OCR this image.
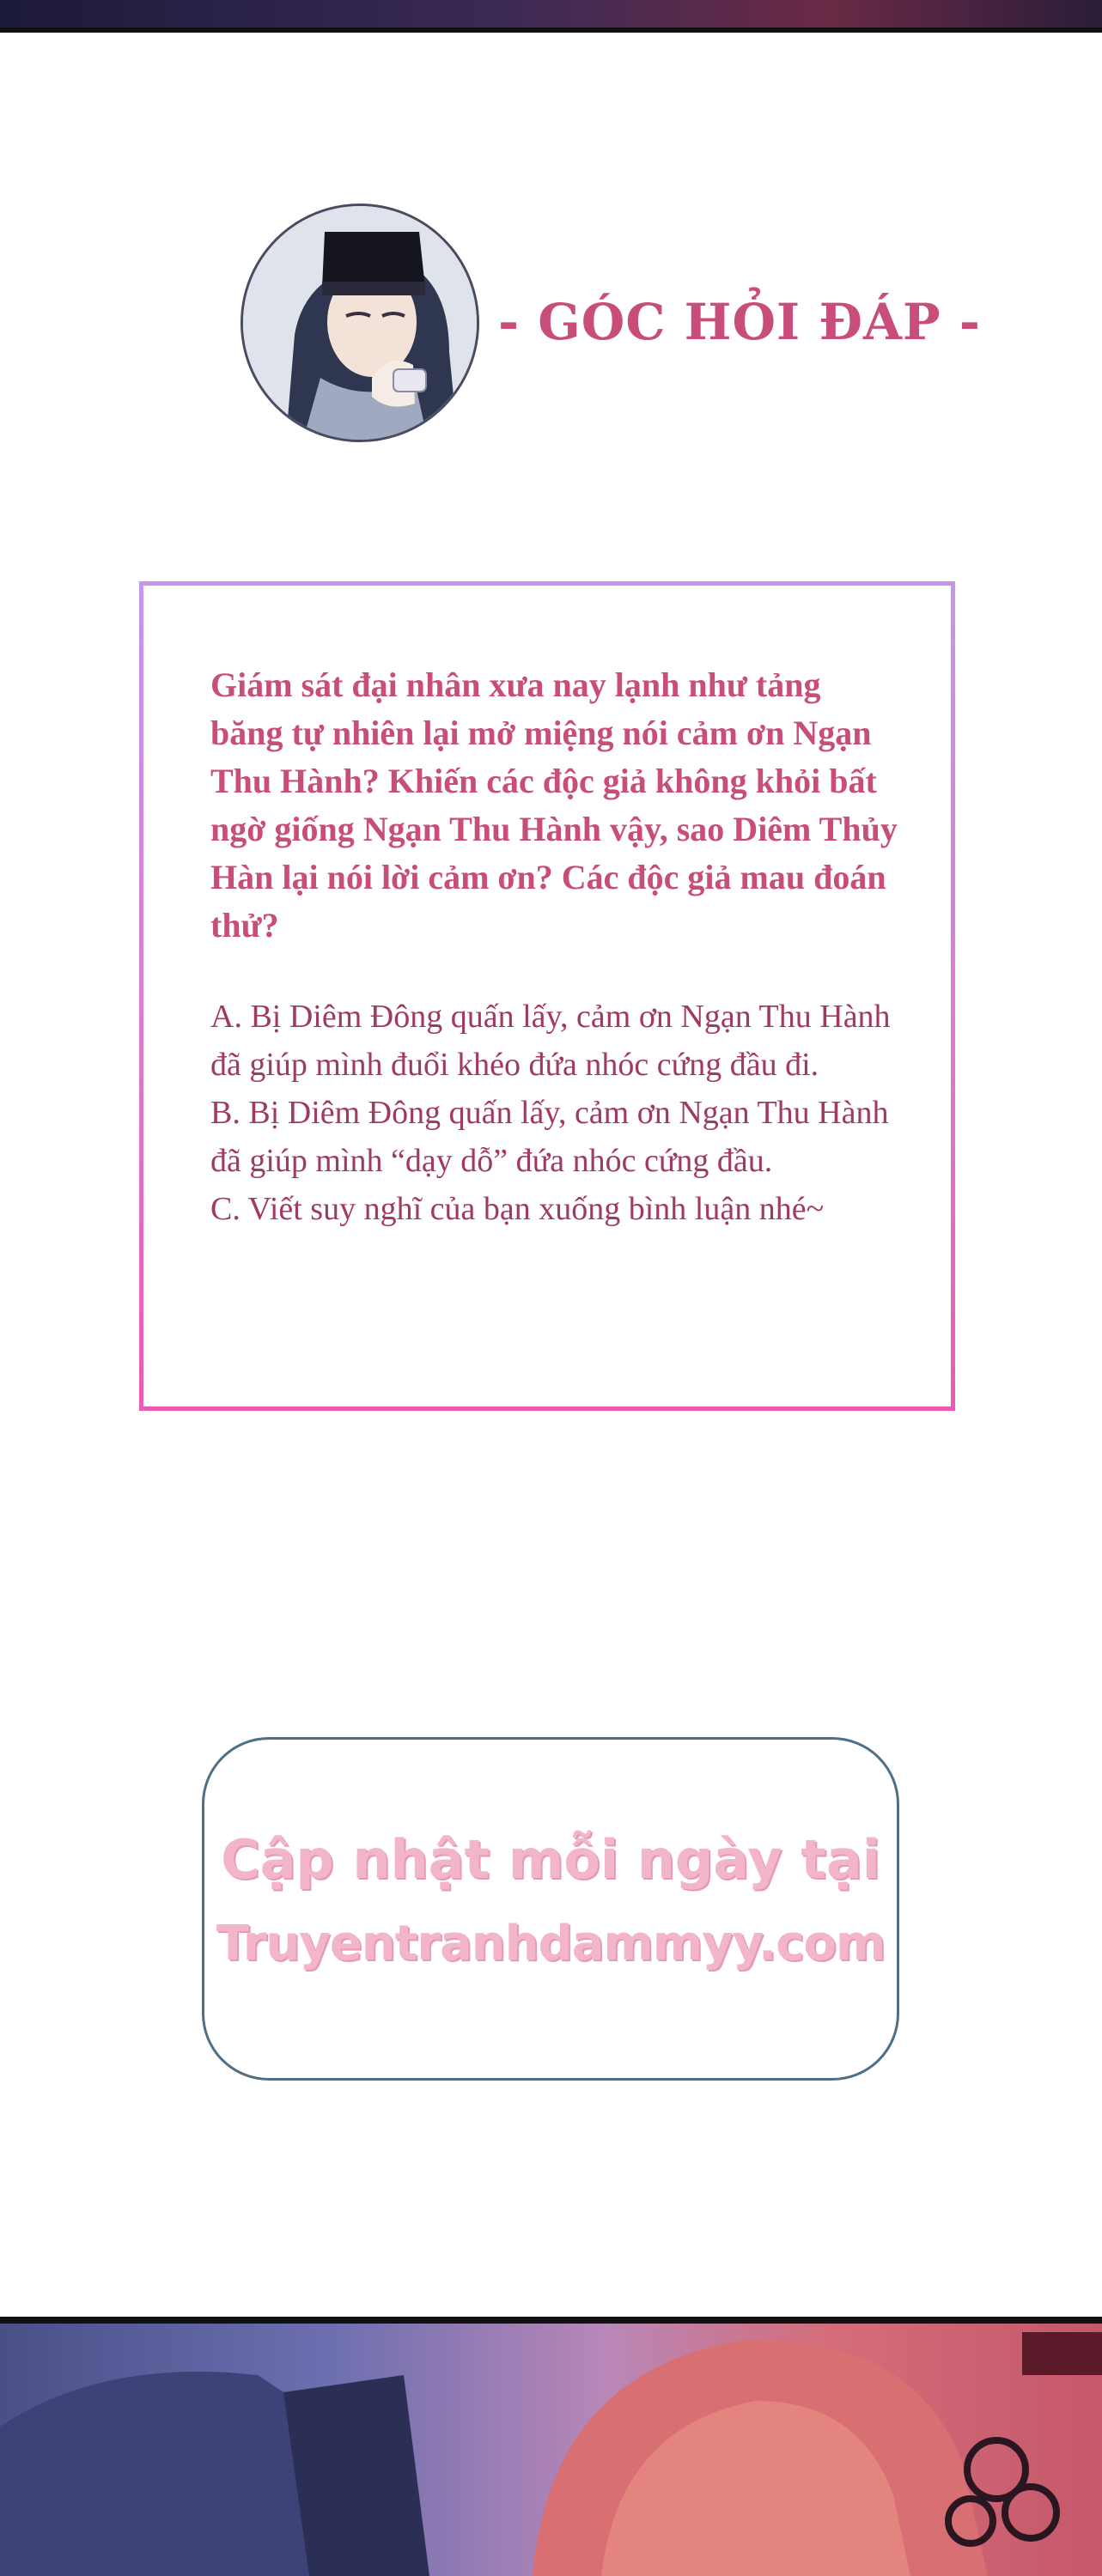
- GÓC HỎI ĐÁP -

Giám sát đại nhân xưa nay lạnh như tảng băng tự nhiên lại mở miệng nói cảm ơn Ngạn Thu Hành? Khiến các độc giả không khỏi bất ngờ giống Ngạn Thu Hành vậy, sao Diêm Thủy Hàn lại nói lời cảm ơn? Các độc giả mau đoán thử?

A. Bị Diêm Đông quấn lấy, cảm ơn Ngạn Thu Hành đã giúp mình đuổi khéo đứa nhóc cứng đầu đi.

B. Bị Diêm Đông quấn lấy, cảm ơn Ngạn Thu Hành đã giúp mình “dạy dỗ” đứa nhóc cứng đầu.

C. Viết suy nghĩ của bạn xuống bình luận nhé~

Cập nhật mỗi ngày tại

Truyentranhdammyy.com
